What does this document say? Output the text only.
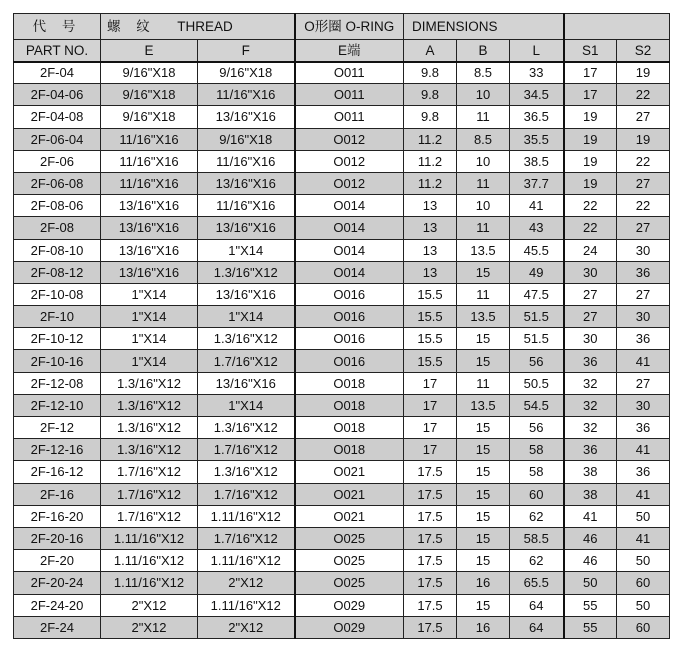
代 号	螺 纹 THREAD		O形圈 O-RING	DIMENSIONS				
PART NO.	E	F	E端	A	B	L	S1	S2
2F-04	9/16"X18	9/16"X18	O011	9.8	8.5	33	17	19
2F-04-06	9/16"X18	11/16"X16	O011	9.8	10	34.5	17	22
2F-04-08	9/16"X18	13/16"X16	O011	9.8	11	36.5	19	27
2F-06-04	11/16"X16	9/16"X18	O012	11.2	8.5	35.5	19	19
2F-06	11/16"X16	11/16"X16	O012	11.2	10	38.5	19	22
2F-06-08	11/16"X16	13/16"X16	O012	11.2	11	37.7	19	27
2F-08-06	13/16"X16	11/16"X16	O014	13	10	41	22	22
2F-08	13/16"X16	13/16"X16	O014	13	11	43	22	27
2F-08-10	13/16"X16	1"X14	O014	13	13.5	45.5	24	30
2F-08-12	13/16"X16	1.3/16"X12	O014	13	15	49	30	36
2F-10-08	1"X14	13/16"X16	O016	15.5	11	47.5	27	27
2F-10	1"X14	1"X14	O016	15.5	13.5	51.5	27	30
2F-10-12	1"X14	1.3/16"X12	O016	15.5	15	51.5	30	36
2F-10-16	1"X14	1.7/16"X12	O016	15.5	15	56	36	41
2F-12-08	1.3/16"X12	13/16"X16	O018	17	11	50.5	32	27
2F-12-10	1.3/16"X12	1"X14	O018	17	13.5	54.5	32	30
2F-12	1.3/16"X12	1.3/16"X12	O018	17	15	56	32	36
2F-12-16	1.3/16"X12	1.7/16"X12	O018	17	15	58	36	41
2F-16-12	1.7/16"X12	1.3/16"X12	O021	17.5	15	58	38	36
2F-16	1.7/16"X12	1.7/16"X12	O021	17.5	15	60	38	41
2F-16-20	1.7/16"X12	1.11/16"X12	O021	17.5	15	62	41	50
2F-20-16	1.11/16"X12	1.7/16"X12	O025	17.5	15	58.5	46	41
2F-20	1.11/16"X12	1.11/16"X12	O025	17.5	15	62	46	50
2F-20-24	1.11/16"X12	2"X12	O025	17.5	16	65.5	50	60
2F-24-20	2"X12	1.11/16"X12	O029	17.5	15	64	55	50
2F-24	2"X12	2"X12	O029	17.5	16	64	55	60
